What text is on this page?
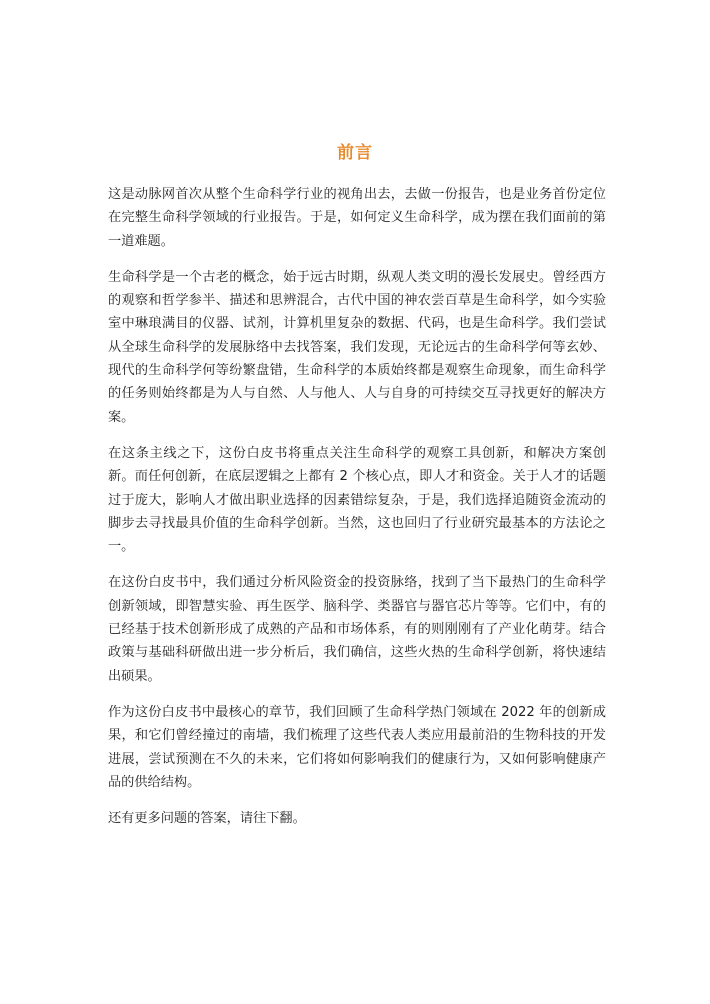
前言

这是动脉网首次从整个生命科学行业的视角出去，去做一份报告，也是业务首份定位在完整生命科学领域的行业报告。于是，如何定义生命科学，成为摆在我们面前的第一道难题。

生命科学是一个古老的概念，始于远古时期，纵观人类文明的漫长发展史。曾经西方的观察和哲学参半、描述和思辨混合，古代中国的神农尝百草是生命科学，如今实验室中琳琅满目的仪器、试剂，计算机里复杂的数据、代码，也是生命科学。我们尝试从全球生命科学的发展脉络中去找答案，我们发现，无论远古的生命科学何等玄妙、现代的生命科学何等纷繁盘错，生命科学的本质始终都是观察生命现象，而生命科学的任务则始终都是为人与自然、人与他人、人与自身的可持续交互寻找更好的解决方案。

在这条主线之下，这份白皮书将重点关注生命科学的观察工具创新，和解决方案创新。而任何创新，在底层逻辑之上都有 2 个核心点，即人才和资金。关于人才的话题过于庞大，影响人才做出职业选择的因素错综复杂，于是，我们选择追随资金流动的脚步去寻找最具价值的生命科学创新。当然，这也回归了行业研究最基本的方法论之一。

在这份白皮书中，我们通过分析风险资金的投资脉络，找到了当下最热门的生命科学创新领域，即智慧实验、再生医学、脑科学、类器官与器官芯片等等。它们中，有的已经基于技术创新形成了成熟的产品和市场体系，有的则刚刚有了产业化萌芽。结合政策与基础科研做出进一步分析后，我们确信，这些火热的生命科学创新，将快速结出硕果。

作为这份白皮书中最核心的章节，我们回顾了生命科学热门领域在 2022 年的创新成果，和它们曾经撞过的南墙，我们梳理了这些代表人类应用最前沿的生物科技的开发进展，尝试预测在不久的未来，它们将如何影响我们的健康行为，又如何影响健康产品的供给结构。

还有更多问题的答案，请往下翻。
